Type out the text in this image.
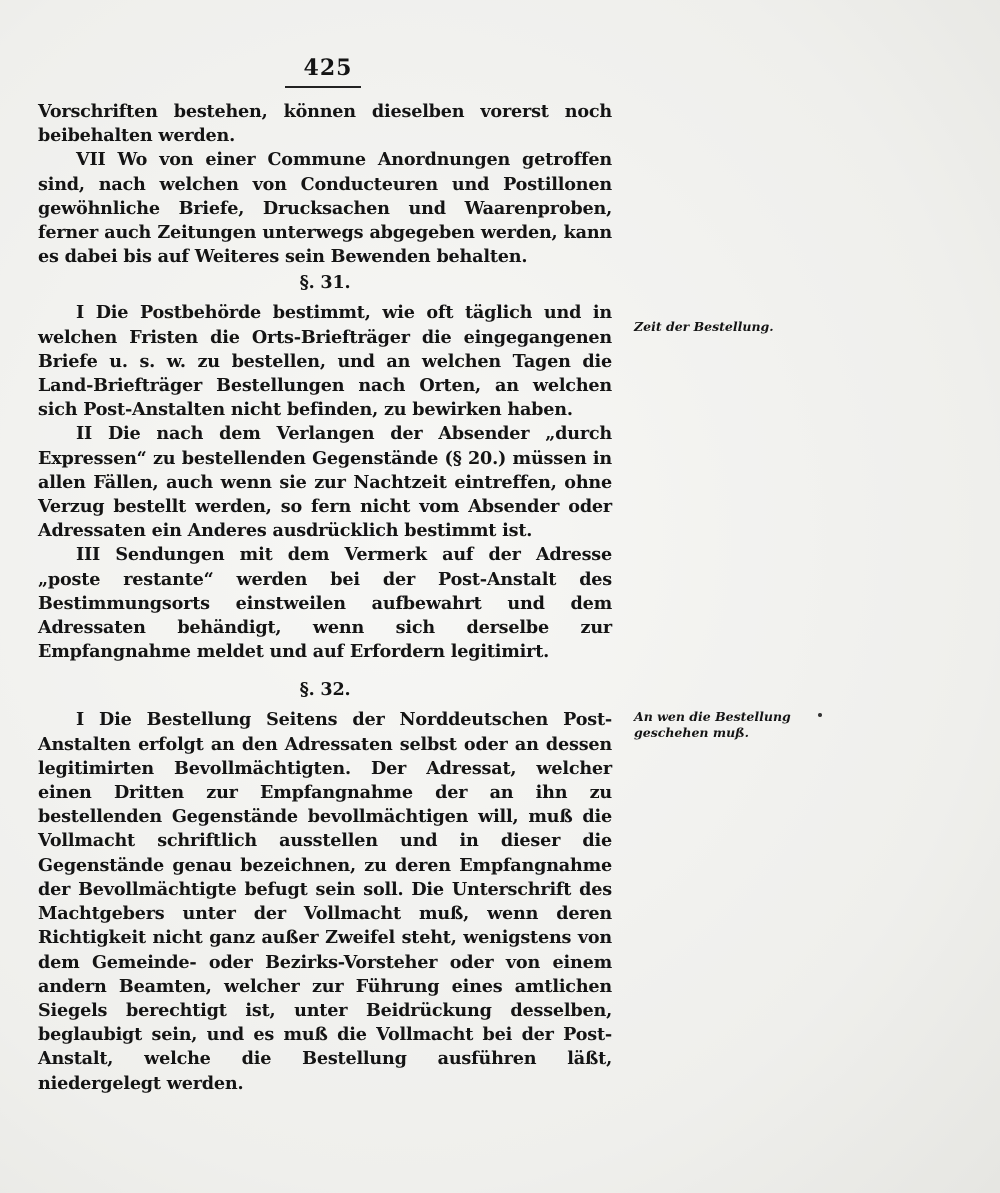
425

Vorschriften bestehen, können dieselben vorerst noch beibehalten werden.

VII Wo von einer Commune Anordnungen getroffen sind, nach welchen von Conducteuren und Postillonen gewöhnliche Briefe, Drucksachen und Waarenproben, ferner auch Zeitungen unterwegs abgegeben werden, kann es dabei bis auf Weiteres sein Bewenden behalten.

§. 31.

I Die Postbehörde bestimmt, wie oft täglich und in welchen Fristen die Orts-Briefträger die eingegangenen Briefe u. s. w. zu bestellen, und an welchen Tagen die Land-Briefträger Bestellungen nach Orten, an welchen sich Post-Anstalten nicht befinden, zu bewirken haben.

II Die nach dem Verlangen der Absender „durch Expressen“ zu bestellenden Gegenstände (§ 20.) müssen in allen Fällen, auch wenn sie zur Nachtzeit eintreffen, ohne Verzug bestellt werden, so fern nicht vom Absender oder Adressaten ein Anderes ausdrücklich bestimmt ist.

III Sendungen mit dem Vermerk auf der Adresse „poste restante“ werden bei der Post-Anstalt des Bestimmungsorts einstweilen aufbewahrt und dem Adressaten behändigt, wenn sich derselbe zur Empfangnahme meldet und auf Erfordern legitimirt.

§. 32.

I Die Bestellung Seitens der Norddeutschen Post-Anstalten erfolgt an den Adressaten selbst oder an dessen legitimirten Bevollmächtigten. Der Adressat, welcher einen Dritten zur Empfangnahme der an ihn zu bestellenden Gegenstände bevollmächtigen will, muß die Vollmacht schriftlich ausstellen und in dieser die Gegenstände genau bezeichnen, zu deren Empfangnahme der Bevollmächtigte befugt sein soll. Die Unterschrift des Machtgebers unter der Vollmacht muß, wenn deren Richtigkeit nicht ganz außer Zweifel steht, wenigstens von dem Gemeinde- oder Bezirks-Vorsteher oder von einem andern Beamten, welcher zur Führung eines amtlichen Siegels berechtigt ist, unter Beidrückung desselben, beglaubigt sein, und es muß die Vollmacht bei der Post-Anstalt, welche die Bestellung ausführen läßt, niedergelegt werden.

Zeit der Bestellung.
An wen die Bestellung geschehen muß.
